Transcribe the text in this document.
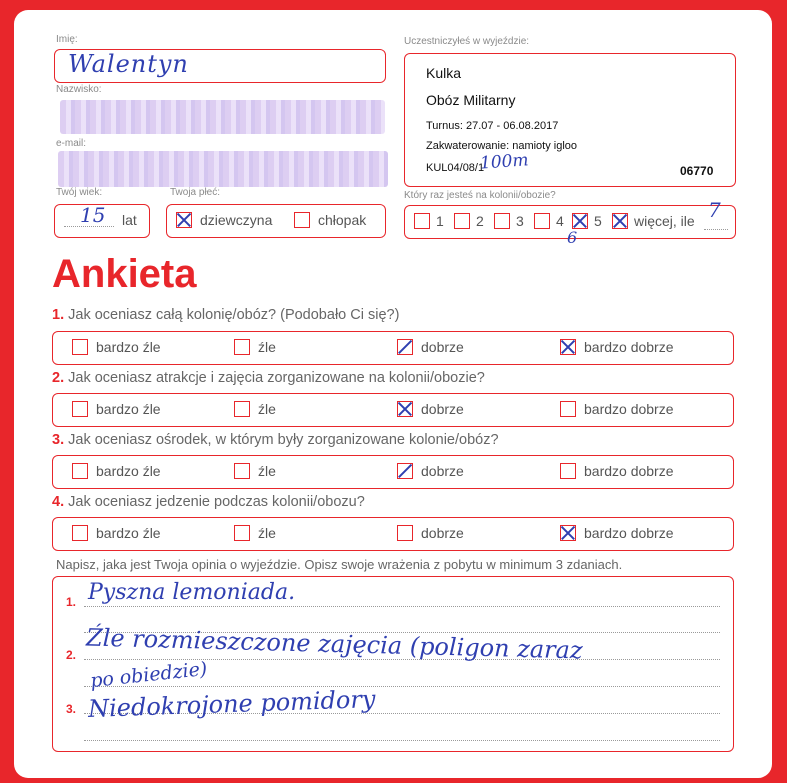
Imię:
Walentyn
Nazwisko:
e-mail:
Twój wiek:
15 lat
Twoja płeć:
dziewczyna	chłopak
Uczestniczyłeś w wyjeździe:
Kulka
Obóz Militarny
Turnus: 27.07 - 06.08.2017
Zakwaterowanie: namioty igloo
KUL04/08/1
100m	06770
Który raz jesteś na kolonii/obozie?
1 2 3 4 5 więcej, ile 7
6
Ankieta
1. Jak oceniasz całą kolonię/obóz? (Podobało Ci się?)
bardzo źle	źle	dobrze	bardzo dobrze
2. Jak oceniasz atrakcje i zajęcia zorganizowane na kolonii/obozie?
bardzo źle	źle	dobrze	bardzo dobrze
3. Jak oceniasz ośrodek, w którym były zorganizowane kolonie/obóz?
bardzo źle	źle	dobrze	bardzo dobrze
4. Jak oceniasz jedzenie podczas kolonii/obozu?
bardzo źle	źle	dobrze	bardzo dobrze
Napisz, jaka jest Twoja opinia o wyjeździe. Opisz swoje wrażenia z pobytu w minimum 3 zdaniach.
1.
2.
3.
Pyszna lemoniada.
Źle rozmieszczone zajęcia (poligon zaraz
po obiedzie)
Niedokrojone pomidory
